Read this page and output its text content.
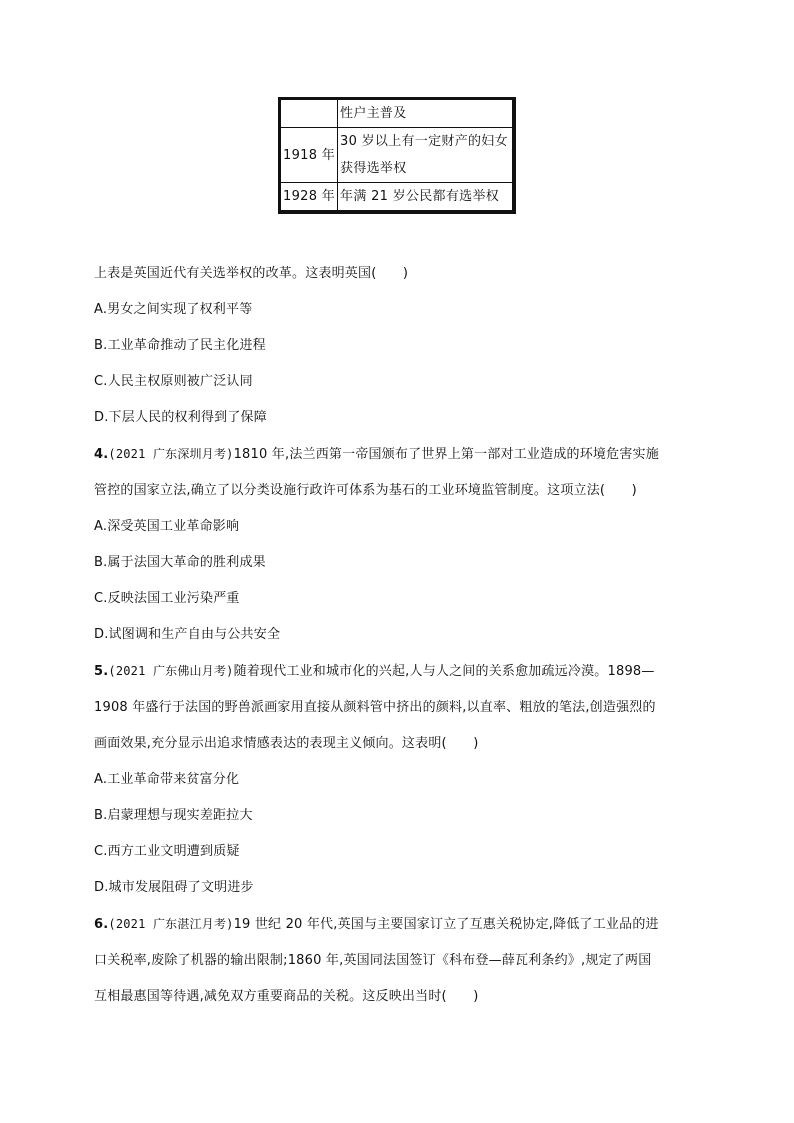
	性户主普及
1918 年	30 岁以上有一定财产的妇女获得选举权
1928 年	年满 21 岁公民都有选举权
上表是英国近代有关选举权的改革。这表明英国(　　)
A.男女之间实现了权利平等
B.工业革命推动了民主化进程
C.人民主权原则被广泛认同
D.下层人民的权利得到了保障
4.(2021 广东深圳月考)1810 年,法兰西第一帝国颁布了世界上第一部对工业造成的环境危害实施
管控的国家立法,确立了以分类设施行政许可体系为基石的工业环境监管制度。这项立法(　　)
A.深受英国工业革命影响
B.属于法国大革命的胜利成果
C.反映法国工业污染严重
D.试图调和生产自由与公共安全
5.(2021 广东佛山月考)随着现代工业和城市化的兴起,人与人之间的关系愈加疏远冷漠。1898—
1908 年盛行于法国的野兽派画家用直接从颜料管中挤出的颜料,以直率、粗放的笔法,创造强烈的
画面效果,充分显示出追求情感表达的表现主义倾向。这表明(　　)
A.工业革命带来贫富分化
B.启蒙理想与现实差距拉大
C.西方工业文明遭到质疑
D.城市发展阻碍了文明进步
6.(2021 广东湛江月考)19 世纪 20 年代,英国与主要国家订立了互惠关税协定,降低了工业品的进
口关税率,废除了机器的输出限制;1860 年,英国同法国签订《科布登—薛瓦利条约》,规定了两国
互相最惠国等待遇,减免双方重要商品的关税。这反映出当时(　　)
